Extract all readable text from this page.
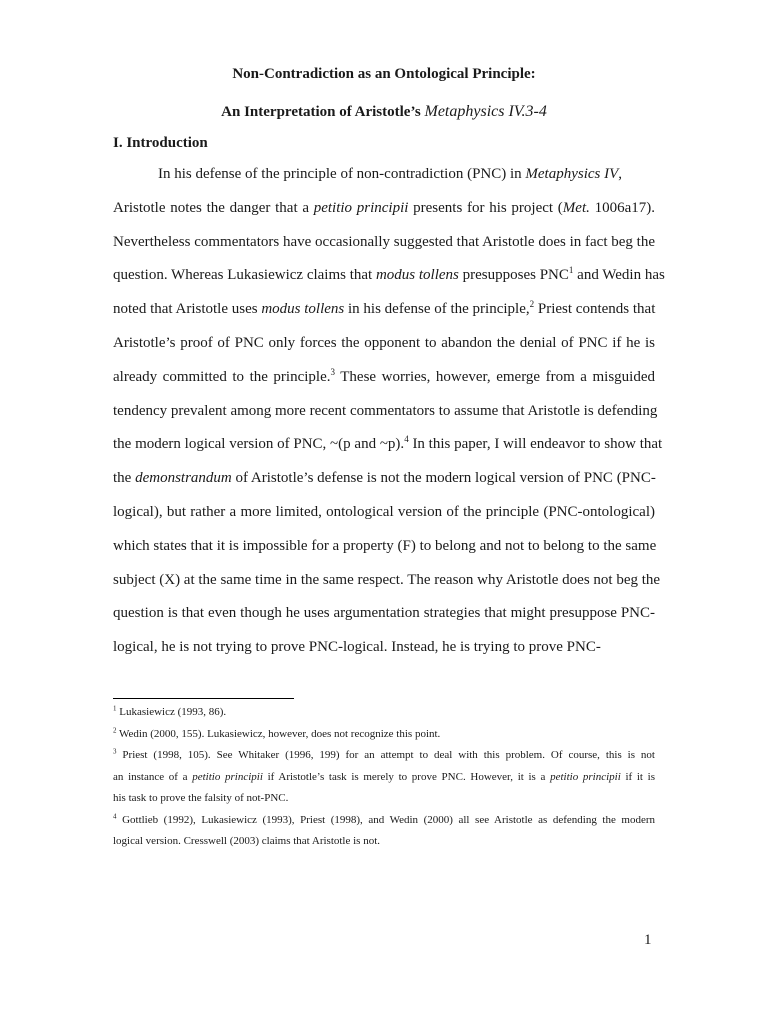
Non-Contradiction as an Ontological Principle:
An Interpretation of Aristotle’s Metaphysics IV.3-4
I. Introduction
In his defense of the principle of non-contradiction (PNC) in Metaphysics IV,
Aristotle notes the danger that a petitio principii presents for his project (Met. 1006a17).
Nevertheless commentators have occasionally suggested that Aristotle does in fact beg the
question. Whereas Lukasiewicz claims that modus tollens presupposes PNC$^1$ and Wedin has
noted that Aristotle uses modus tollens in his defense of the principle,$^2$ Priest contends that
Aristotle’s proof of PNC only forces the opponent to abandon the denial of PNC if he is
already committed to the principle.$^3$ These worries, however, emerge from a misguided
tendency prevalent among more recent commentators to assume that Aristotle is defending
the modern logical version of PNC, ~(p and ~p).$^4$ In this paper, I will endeavor to show that
the demonstrandum of Aristotle’s defense is not the modern logical version of PNC (PNC-
logical), but rather a more limited, ontological version of the principle (PNC-ontological)
which states that it is impossible for a property (F) to belong and not to belong to the same
subject (X) at the same time in the same respect. The reason why Aristotle does not beg the
question is that even though he uses argumentation strategies that might presuppose PNC-
logical, he is not trying to prove PNC-logical. Instead, he is trying to prove PNC-
$^1$ Lukasiewicz (1993, 86).
$^2$ Wedin (2000, 155). Lukasiewicz, however, does not recognize this point.
$^3$ Priest (1998, 105). See Whitaker (1996, 199) for an attempt to deal with this problem. Of course, this is not
an instance of a petitio principii if Aristotle’s task is merely to prove PNC. However, it is a petitio principii if it is
his task to prove the falsity of not-PNC.
$^4$ Gottlieb (1992), Lukasiewicz (1993), Priest (1998), and Wedin (2000) all see Aristotle as defending the modern
logical version. Cresswell (2003) claims that Aristotle is not.
1
